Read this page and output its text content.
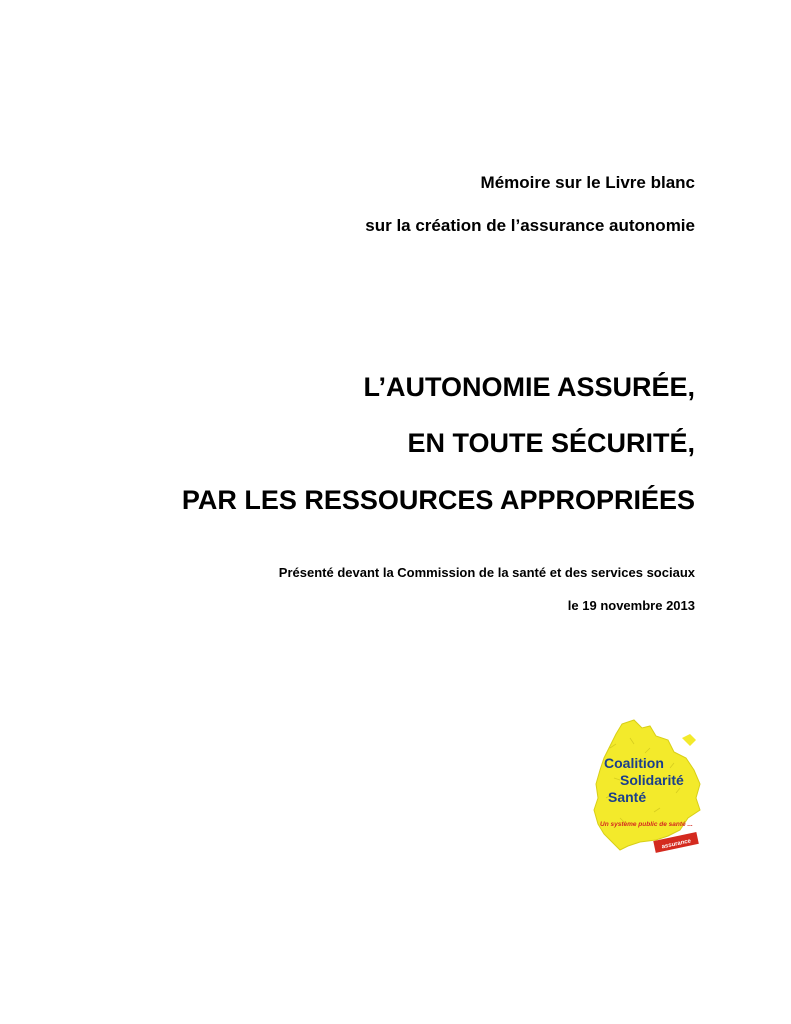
Mémoire sur le Livre blanc
sur la création de l’assurance autonomie
L’AUTONOMIE ASSURÉE,
EN TOUTE SÉCURITÉ,
PAR LES RESSOURCES APPROPRIÉES
Présenté devant la Commission de la santé et des services sociaux
le 19 novembre 2013
Un système public de santé ...
assurance
Coalition
Solidarité
Santé
